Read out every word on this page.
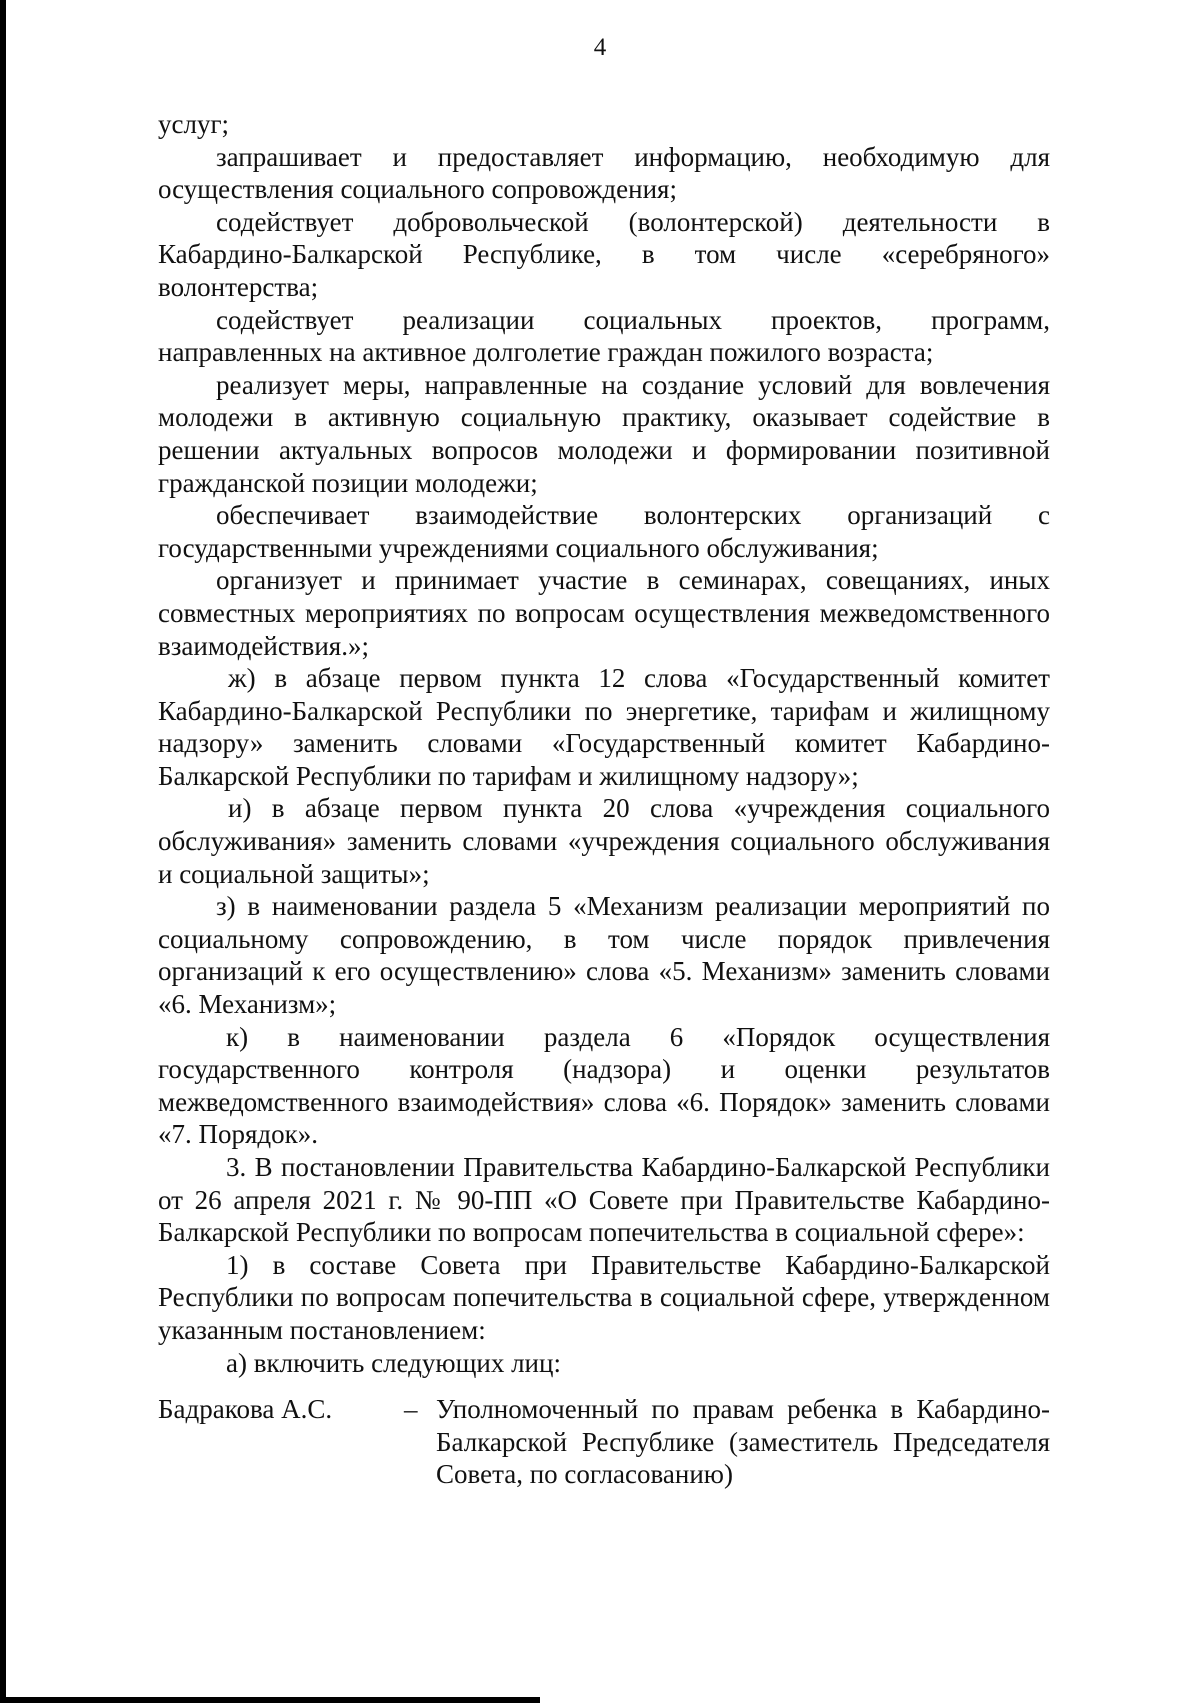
4

услуг;

запрашивает и предоставляет информацию, необходимую для осуществления социального сопровождения;

содействует добровольческой (волонтерской) деятельности в Кабардино-Балкарской Республике, в том числе «серебряного» волонтерства;

содействует реализации социальных проектов, программ, направленных на активное долголетие граждан пожилого возраста;

реализует меры, направленные на создание условий для вовлечения молодежи в активную социальную практику, оказывает содействие в решении актуальных вопросов молодежи и формировании позитивной гражданской позиции молодежи;

обеспечивает взаимодействие волонтерских организаций с государственными учреждениями социального обслуживания;

организует и принимает участие в семинарах, совещаниях, иных совместных мероприятиях по вопросам осуществления межведомственного взаимодействия.»;

ж) в абзаце первом пункта 12 слова «Государственный комитет Кабардино-Балкарской Республики по энергетике, тарифам и жилищному надзору» заменить словами «Государственный комитет Кабардино-Балкарской Республики по тарифам и жилищному надзору»;

и) в абзаце первом пункта 20 слова «учреждения социального обслуживания» заменить словами «учреждения социального обслуживания и социальной защиты»;

з) в наименовании раздела 5 «Механизм реализации мероприятий по социальному сопровождению, в том числе порядок привлечения организаций к его осуществлению» слова «5. Механизм» заменить словами «6. Механизм»;

к) в наименовании раздела 6 «Порядок осуществления государственного контроля (надзора) и оценки результатов межведомственного взаимодействия» слова «6. Порядок» заменить словами «7. Порядок».

3. В постановлении Правительства Кабардино-Балкарской Республики от 26 апреля 2021 г. № 90-ПП «О Совете при Правительстве Кабардино-Балкарской Республики по вопросам попечительства в социальной сфере»:

1) в составе Совета при Правительстве Кабардино-Балкарской Республики по вопросам попечительства в социальной сфере, утвержденном указанным постановлением:

а) включить следующих лиц:

Бадракова А.С.	– Уполномоченный по правам ребенка в Кабардино-Балкарской Республике (заместитель Председателя Совета, по согласованию)
